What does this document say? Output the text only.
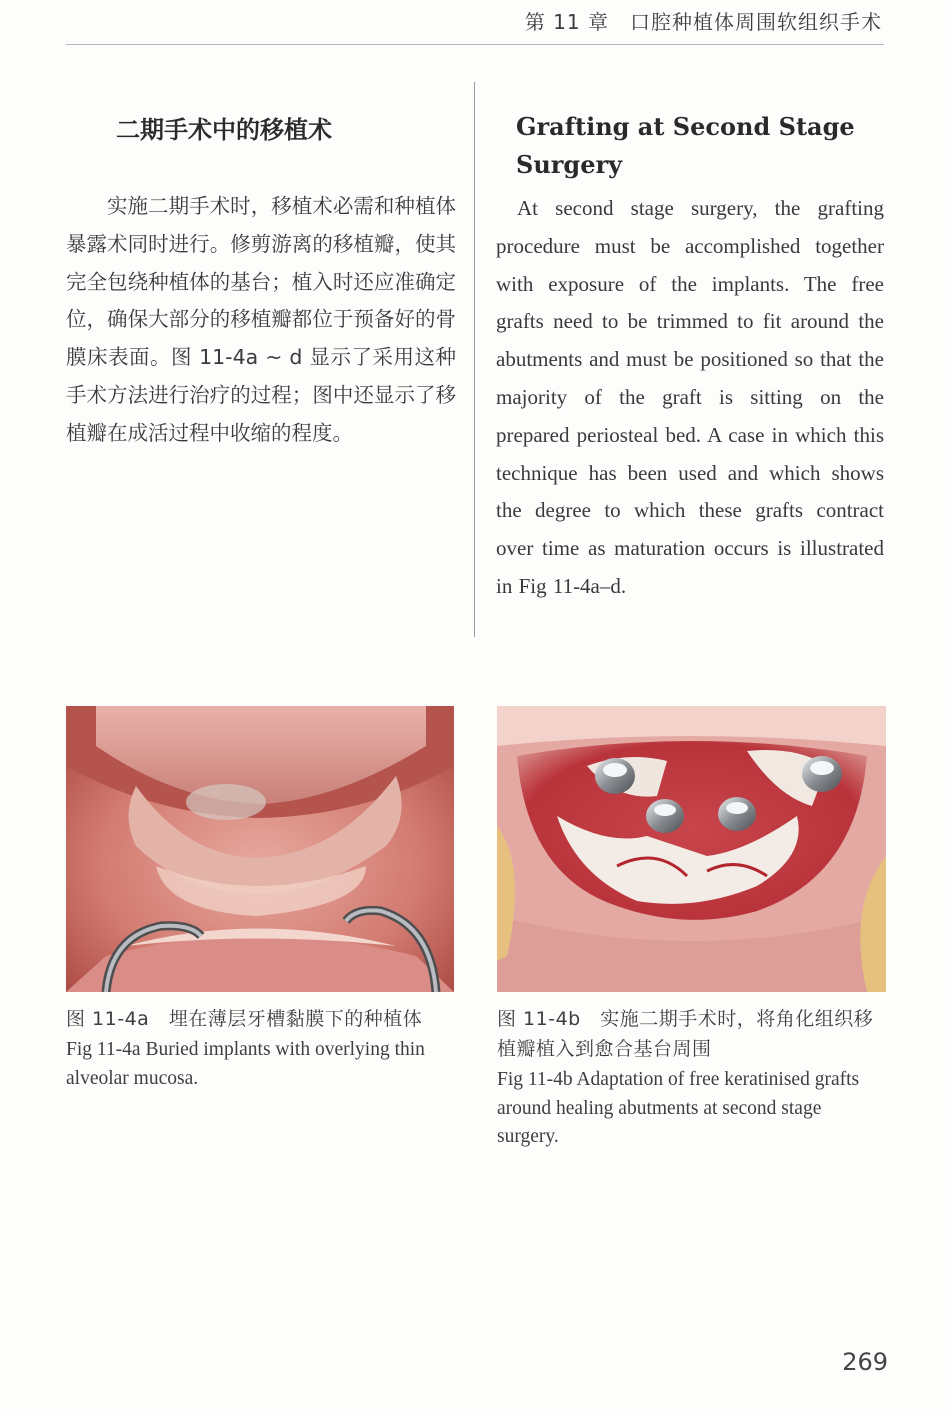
第 11 章　口腔种植体周围软组织手术
二期手术中的移植术

实施二期手术时，移植术必需和种植体暴露术同时进行。修剪游离的移植瓣，使其完全包绕种植体的基台；植入时还应准确定位，确保大部分的移植瓣都位于预备好的骨膜床表面。图 11-4a ~ d 显示了采用这种手术方法进行治疗的过程；图中还显示了移植瓣在成活过程中收缩的程度。

Grafting at Second Stage Surgery

At second stage surgery, the grafting procedure must be accomplished together with exposure of the implants. The free grafts need to be trimmed to fit around the abutments and must be positioned so that the majority of the graft is sitting on the prepared periosteal bed. A case in which this technique has been used and which shows the degree to which these grafts contract over time as maturation occurs is illustrated in Fig 11-4a–d.

图 11-4a　埋在薄层牙槽黏膜下的种植体

Fig 11-4a Buried implants with overlying thin alveolar mucosa.

图 11-4b　实施二期手术时，将角化组织移植瓣植入到愈合基台周围

Fig 11-4b Adaptation of free keratinised grafts around healing abutments at second stage surgery.

269
